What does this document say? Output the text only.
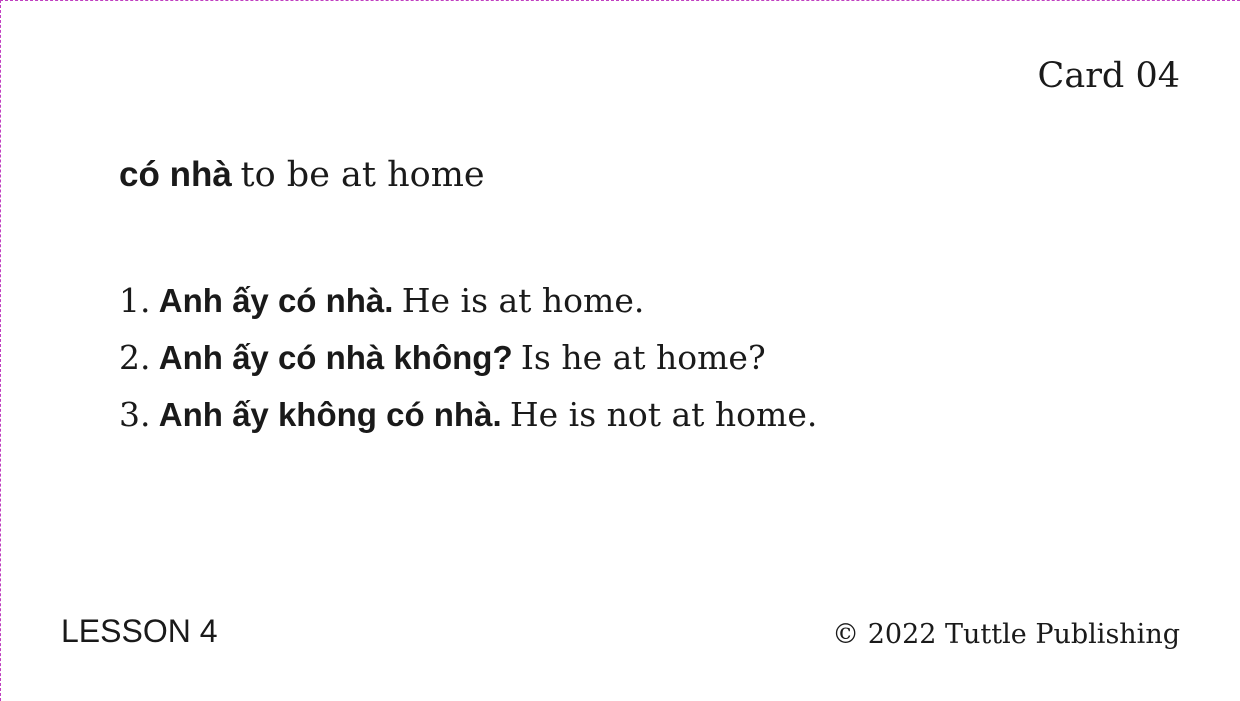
Card 04
có nhà to be at home
1. Anh ấy có nhà. He is at home.
2. Anh ấy có nhà không? Is he at home?
3. Anh ấy không có nhà. He is not at home.
LESSON 4	© 2022 Tuttle Publishing
